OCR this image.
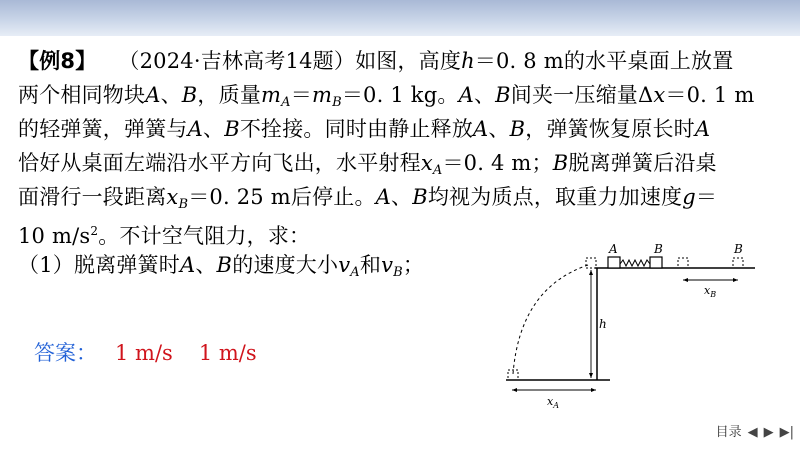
【例8】 （2024·吉林高考14题）如图，高度h＝0. 8 m的水平桌面上放置
两个相同物块A、B，质量$m_A=m_B=0$. 1 kg。A、B间夹一压缩量Δx＝0. 1 m
的轻弹簧，弹簧与A、B不拴接。同时由静止释放A、B，弹簧恢复原长时A
恰好从桌面左端沿水平方向飞出，水平射程$x_A=0$. 4 m；B脱离弹簧后沿桌
面滑行一段距离$x_B=0$. 25 m后停止。A、B均视为质点，取重力加速度g＝
10 $m/s^2$。不计空气阻力，求：
（1）脱离弹簧时A、B的速度大小$v_A$和$v_B$；
答案： 1 m/s 1 m/s
A	B	B
$x_B$
h
$x_A$
目录 ◀ ▶ ▶|
